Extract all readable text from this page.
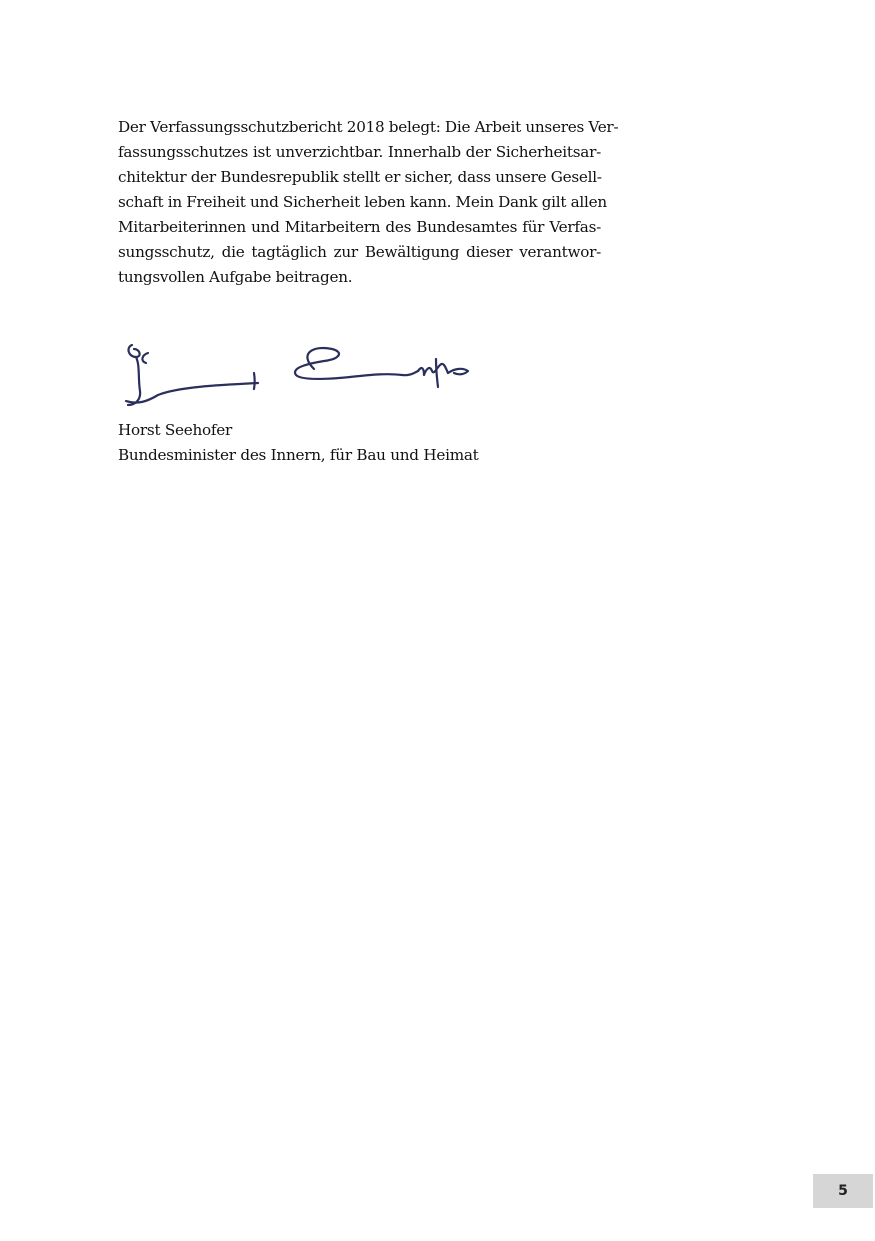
Der Verfassungsschutzbericht 2018 belegt: Die Arbeit unseres Ver-
fassungsschutzes ist unverzichtbar. Innerhalb der Sicherheitsar-
chitektur der Bundesrepublik stellt er sicher, dass unsere Gesell-
schaft in Freiheit und Sicherheit leben kann. Mein Dank gilt allen
Mitarbeiterinnen und Mitarbeitern des Bundesamtes für Verfas-
sungsschutz, die tagtäglich zur Bewältigung dieser verantwor-
tungsvollen Aufgabe beitragen.
Horst Seehofer
Bundesminister des Innern, für Bau und Heimat
5
